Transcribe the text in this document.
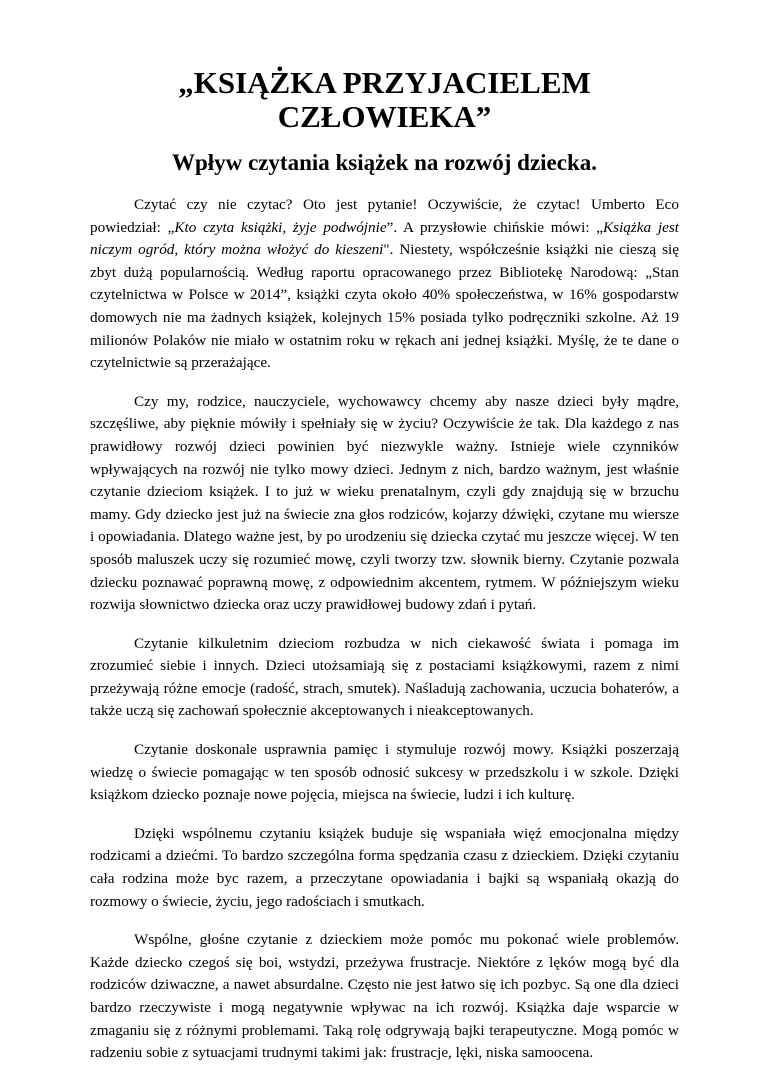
„KSIĄŻKA PRZYJACIELEM CZŁOWIEKA”
Wpływ czytania książek na rozwój dziecka.

Czytać czy nie czytac? Oto jest pytanie! Oczywiście, że czytac! Umberto Eco powiedział: „Kto czyta książki, żyje podwójnie”. A przysłowie chińskie mówi: „Książka jest niczym ogród, który można włożyć do kieszeni". Niestety, współcześnie książki nie cieszą się zbyt dużą popularnością. Według raportu opracowanego przez Bibliotekę Narodową: „Stan czytelnictwa w Polsce w 2014”, książki czyta około 40% społeczeństwa, w 16% gospodarstw domowych nie ma żadnych książek, kolejnych 15% posiada tylko podręczniki szkolne. Aż 19 milionów Polaków nie miało w ostatnim roku w rękach ani jednej książki. Myślę, że te dane o czytelnictwie są przerażające.

Czy my, rodzice, nauczyciele, wychowawcy chcemy aby nasze dzieci były mądre, szczęśliwe, aby pięknie mówiły i spełniały się w życiu? Oczywiście że tak. Dla każdego z nas prawidłowy rozwój dzieci powinien być niezwykle ważny. Istnieje wiele czynników wpływających na rozwój nie tylko mowy dzieci. Jednym z nich, bardzo ważnym, jest właśnie czytanie dzieciom książek. I to już w wieku prenatalnym, czyli gdy znajdują się w brzuchu mamy. Gdy dziecko jest już na świecie zna głos rodziców, kojarzy dźwięki, czytane mu wiersze i opowiadania. Dlatego ważne jest, by po urodzeniu się dziecka czytać mu jeszcze więcej. W ten sposób maluszek uczy się rozumieć mowę, czyli tworzy tzw. słownik bierny. Czytanie pozwala dziecku poznawać poprawną mowę, z odpowiednim akcentem, rytmem. W późniejszym wieku rozwija słownictwo dziecka oraz uczy prawidłowej budowy zdań i pytań.

Czytanie kilkuletnim dzieciom rozbudza w nich ciekawość świata i pomaga im zrozumieć siebie i innych. Dzieci utożsamiają się z postaciami książkowymi, razem z nimi przeżywają różne emocje (radość, strach, smutek). Naśladują zachowania, uczucia bohaterów, a także uczą się zachowań społecznie akceptowanych i nieakceptowanych.

Czytanie doskonale usprawnia pamięc i stymuluje rozwój mowy. Książki poszerzają wiedzę o świecie pomagając w ten sposób odnosić sukcesy w przedszkolu i w szkole. Dzięki książkom dziecko poznaje nowe pojęcia, miejsca na świecie, ludzi i ich kulturę.

Dzięki wspólnemu czytaniu książek buduje się wspaniała więź emocjonalna między rodzicami a dziećmi. To bardzo szczególna forma spędzania czasu z dzieckiem. Dzięki czytaniu cała rodzina może byc razem, a przeczytane opowiadania i bajki są wspaniałą okazją do rozmowy o świecie, życiu, jego radościach i smutkach.

Wspólne, głośne czytanie z dzieckiem może pomóc mu pokonać wiele problemów. Każde dziecko czegoś się boi, wstydzi, przeżywa frustracje. Niektóre z lęków mogą być dla rodziców dziwaczne, a nawet absurdalne. Często nie jest łatwo się ich pozbyc. Są one dla dzieci bardzo rzeczywiste i mogą negatywnie wpływac na ich rozwój. Książka daje wsparcie w zmaganiu się z różnymi problemami. Taką rolę odgrywają bajki terapeutyczne. Mogą pomóc w radzeniu sobie z sytuacjami trudnymi takimi jak: frustracje, lęki, niska samoocena.
